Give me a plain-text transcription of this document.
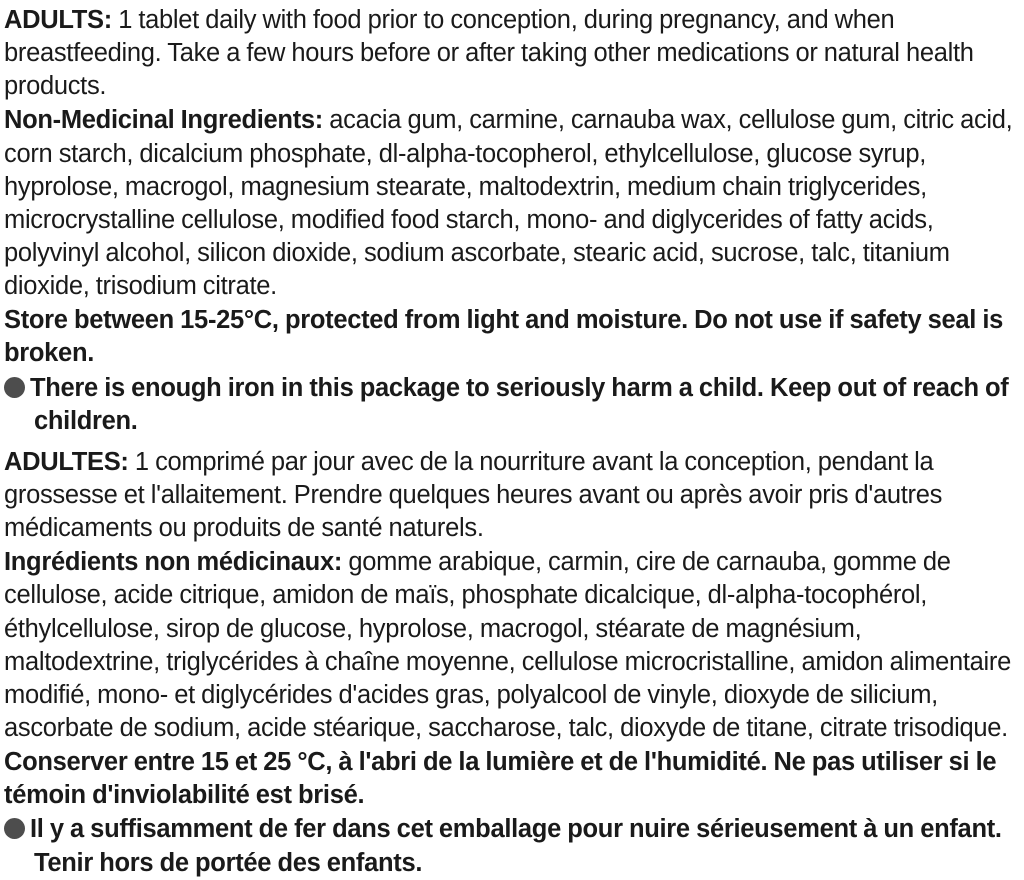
ADULTS: 1 tablet daily with food prior to conception, during pregnancy, and when breastfeeding. Take a few hours before or after taking other medications or natural health products.

Non-Medicinal Ingredients: acacia gum, carmine, carnauba wax, cellulose gum, citric acid, corn starch, dicalcium phosphate, dl-alpha-tocopherol, ethylcellulose, glucose syrup, hyprolose, macrogol, magnesium stearate, maltodextrin, medium chain triglycerides, microcrystalline cellulose, modified food starch, mono- and diglycerides of fatty acids, polyvinyl alcohol, silicon dioxide, sodium ascorbate, stearic acid, sucrose, talc, titanium dioxide, trisodium citrate.

Store between 15-25°C, protected from light and moisture. Do not use if safety seal is broken.

There is enough iron in this package to seriously harm a child. Keep out of reach of children.

ADULTES: 1 comprimé par jour avec de la nourriture avant la conception, pendant la grossesse et l'allaitement. Prendre quelques heures avant ou après avoir pris d'autres médicaments ou produits de santé naturels.

Ingrédients non médicinaux: gomme arabique, carmin, cire de carnauba, gomme de cellulose, acide citrique, amidon de maïs, phosphate dicalcique, dl-alpha-tocophérol, éthylcellulose, sirop de glucose, hyprolose, macrogol, stéarate de magnésium, maltodextrine, triglycérides à chaîne moyenne, cellulose microcristalline, amidon alimentaire modifié, mono- et diglycérides d'acides gras, polyalcool de vinyle, dioxyde de silicium, ascorbate de sodium, acide stéarique, saccharose, talc, dioxyde de titane, citrate trisodique.

Conserver entre 15 et 25 °C, à l'abri de la lumière et de l'humidité. Ne pas utiliser si le témoin d'inviolabilité est brisé.

Il y a suffisamment de fer dans cet emballage pour nuire sérieusement à un enfant. Tenir hors de portée des enfants.
